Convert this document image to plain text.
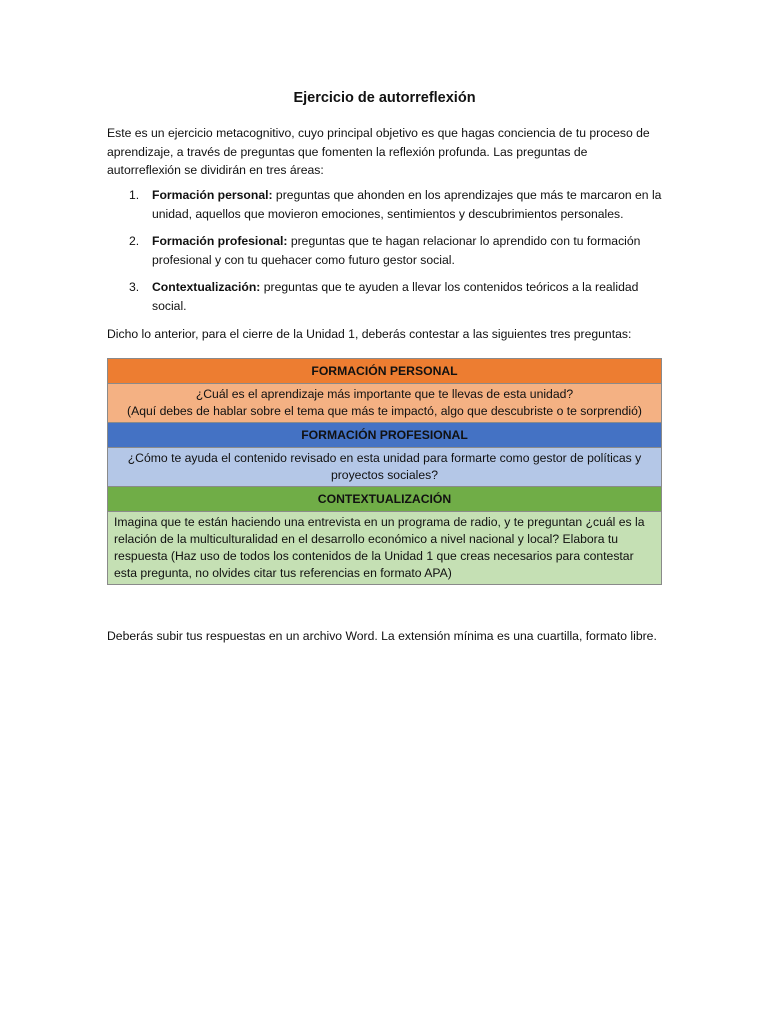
Ejercicio de autorreflexión

Este es un ejercicio metacognitivo, cuyo principal objetivo es que hagas conciencia de tu proceso de aprendizaje, a través de preguntas que fomenten la reflexión profunda. Las preguntas de autorreflexión se dividirán en tres áreas:

1. Formación personal: preguntas que ahonden en los aprendizajes que más te marcaron en la unidad, aquellos que movieron emociones, sentimientos y descubrimientos personales.
2. Formación profesional: preguntas que te hagan relacionar lo aprendido con tu formación profesional y con tu quehacer como futuro gestor social.
3. Contextualización: preguntas que te ayuden a llevar los contenidos teóricos a la realidad social.

Dicho lo anterior, para el cierre de la Unidad 1, deberás contestar a las siguientes tres preguntas:

FORMACIÓN PERSONAL
¿Cuál es el aprendizaje más importante que te llevas de esta unidad?
(Aquí debes de hablar sobre el tema que más te impactó, algo que descubriste o te sorprendió)
FORMACIÓN PROFESIONAL
¿Cómo te ayuda el contenido revisado en esta unidad para formarte como gestor de políticas y proyectos sociales?
CONTEXTUALIZACIÓN
Imagina que te están haciendo una entrevista en un programa de radio, y te preguntan ¿cuál es la relación de la multiculturalidad en el desarrollo económico a nivel nacional y local? Elabora tu respuesta (Haz uso de todos los contenidos de la Unidad 1 que creas necesarios para contestar esta pregunta, no olvides citar tus referencias en formato APA)

Deberás subir tus respuestas en un archivo Word. La extensión mínima es una cuartilla, formato libre.
